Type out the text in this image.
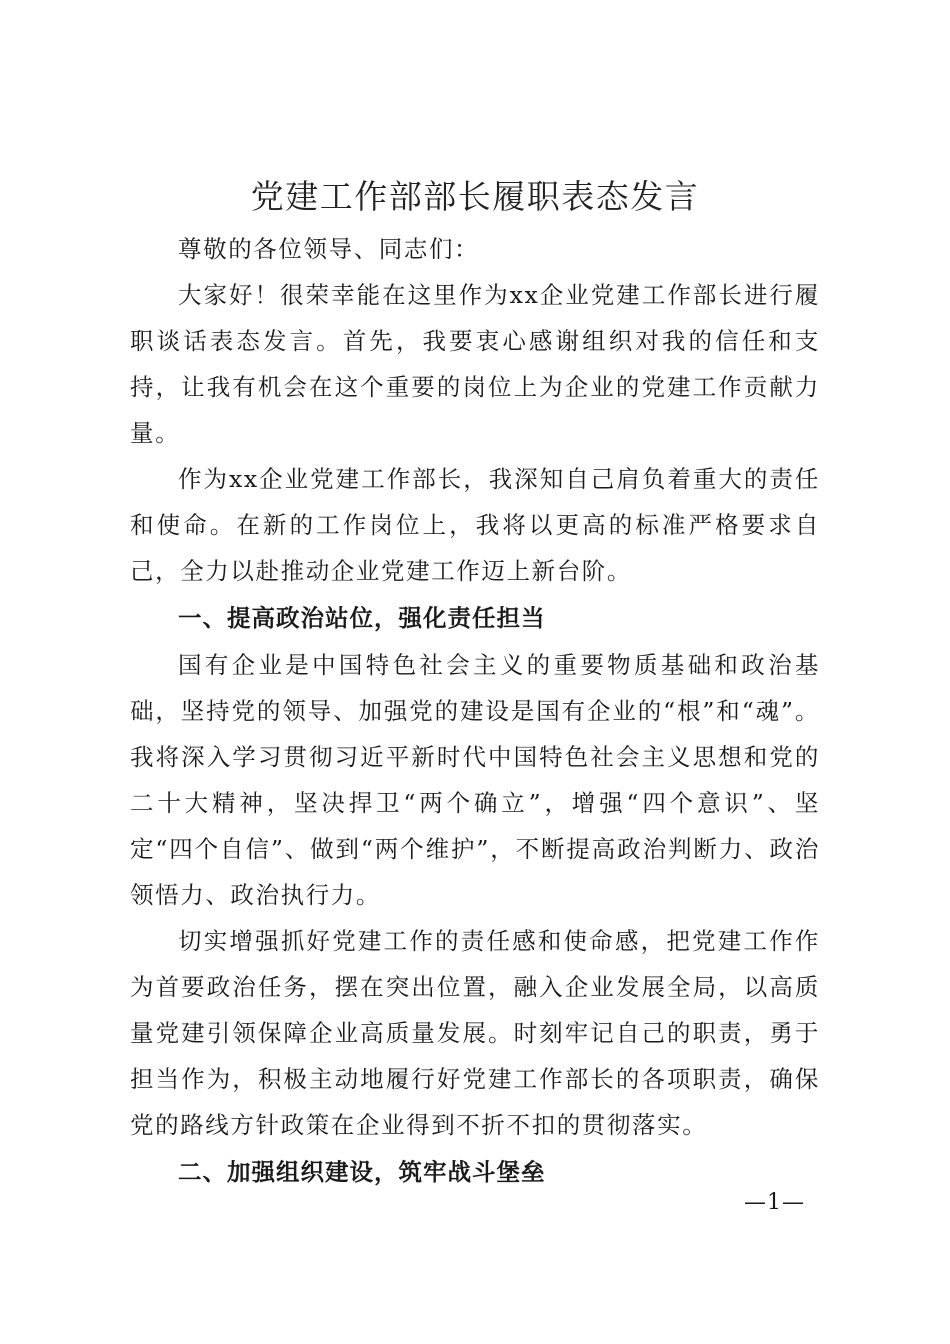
党建工作部部长履职表态发言

尊敬的各位领导、同志们：

大家好！很荣幸能在这里作为xx企业党建工作部长进行履职谈话表态发言。首先，我要衷心感谢组织对我的信任和支持，让我有机会在这个重要的岗位上为企业的党建工作贡献力量。

作为xx企业党建工作部长，我深知自己肩负着重大的责任和使命。在新的工作岗位上，我将以更高的标准严格要求自己，全力以赴推动企业党建工作迈上新台阶。

一、提高政治站位，强化责任担当

国有企业是中国特色社会主义的重要物质基础和政治基础，坚持党的领导、加强党的建设是国有企业的“根”和“魂”。我将深入学习贯彻习近平新时代中国特色社会主义思想和党的二十大精神，坚决捍卫“两个确立”，增强“四个意识”、坚定“四个自信”、做到“两个维护”，不断提高政治判断力、政治领悟力、政治执行力。

切实增强抓好党建工作的责任感和使命感，把党建工作作为首要政治任务，摆在突出位置，融入企业发展全局，以高质量党建引领保障企业高质量发展。时刻牢记自己的职责，勇于担当作为，积极主动地履行好党建工作部长的各项职责，确保党的路线方针政策在企业得到不折不扣的贯彻落实。

二、加强组织建设，筑牢战斗堡垒

—1—
